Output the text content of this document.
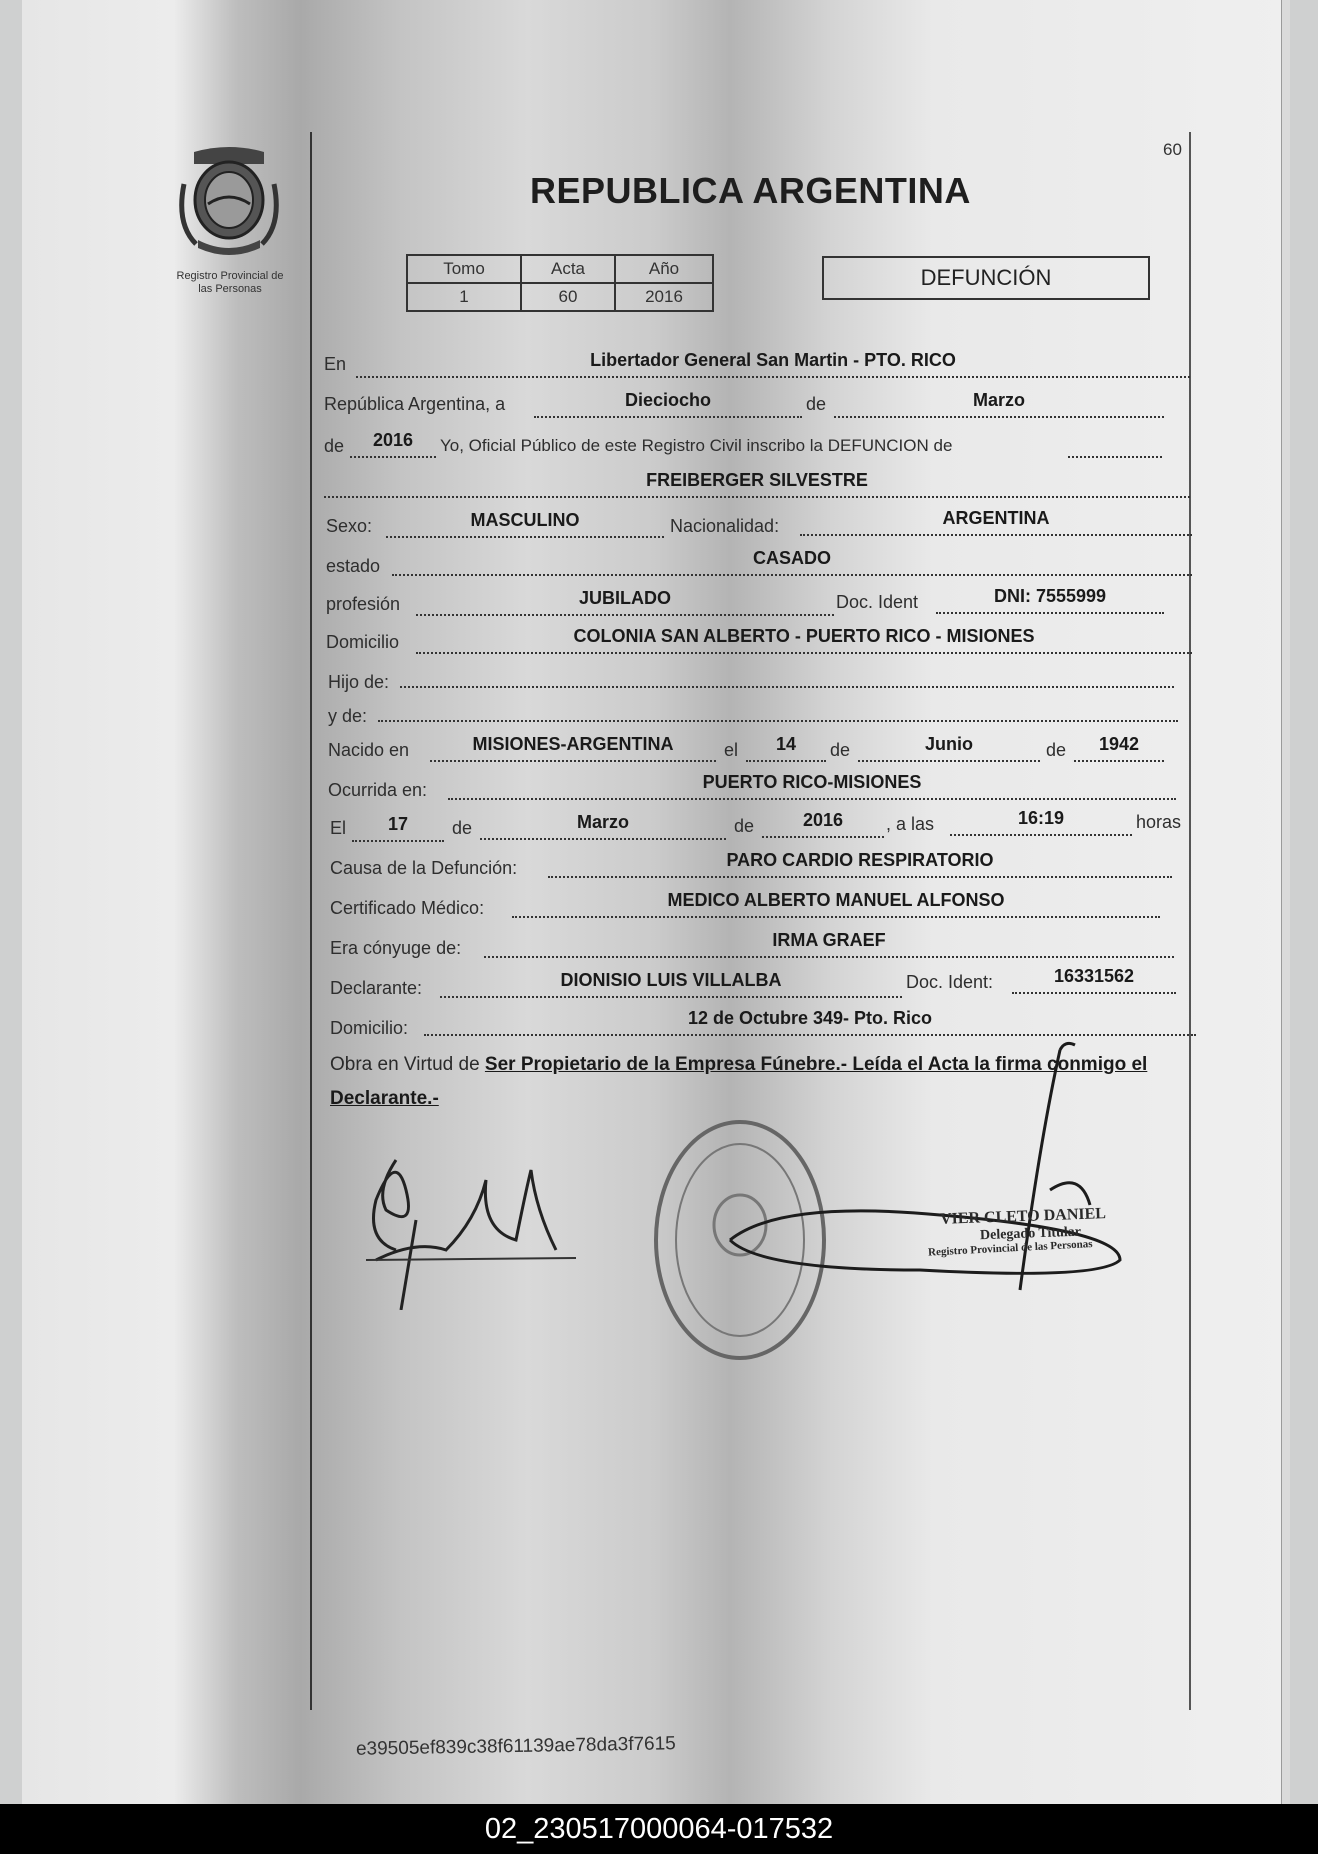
60
Registro Provincial de
las Personas
REPUBLICA ARGENTINA
Tomo	Acta	Año
1	60	2016
DEFUNCIÓN
En	Libertador General San Martin - PTO. RICO
República Argentina, a	Dieciocho	de	Marzo
de	2016	Yo, Oficial Público de este Registro Civil inscribo la DEFUNCION de
FREIBERGER SILVESTRE
Sexo:	MASCULINO	Nacionalidad:	ARGENTINA
estado	CASADO
profesión	JUBILADO	Doc. Ident	DNI: 7555999
Domicilio	COLONIA SAN ALBERTO - PUERTO RICO - MISIONES
Hijo de:
y de:
Nacido en	MISIONES-ARGENTINA	el	14	de	Junio	de	1942
Ocurrida en:	PUERTO RICO-MISIONES
El	17	de	Marzo	de	2016	, a las	16:19	horas
Causa de la Defunción:	PARO CARDIO RESPIRATORIO
Certificado Médico:	MEDICO ALBERTO MANUEL ALFONSO
Era cónyuge de:	IRMA GRAEF
Declarante:	DIONISIO LUIS VILLALBA	Doc. Ident:	16331562
Domicilio:	12 de Octubre 349- Pto. Rico
Obra en Virtud de Ser Propietario de la Empresa Fúnebre.- Leída el Acta la firma conmigo el Declarante.-
VIER CLETO DANIEL
Delegado Titular
Registro Provincial de las Personas
e39505ef839c38f61139ae78da3f7615
02_230517000064-017532
